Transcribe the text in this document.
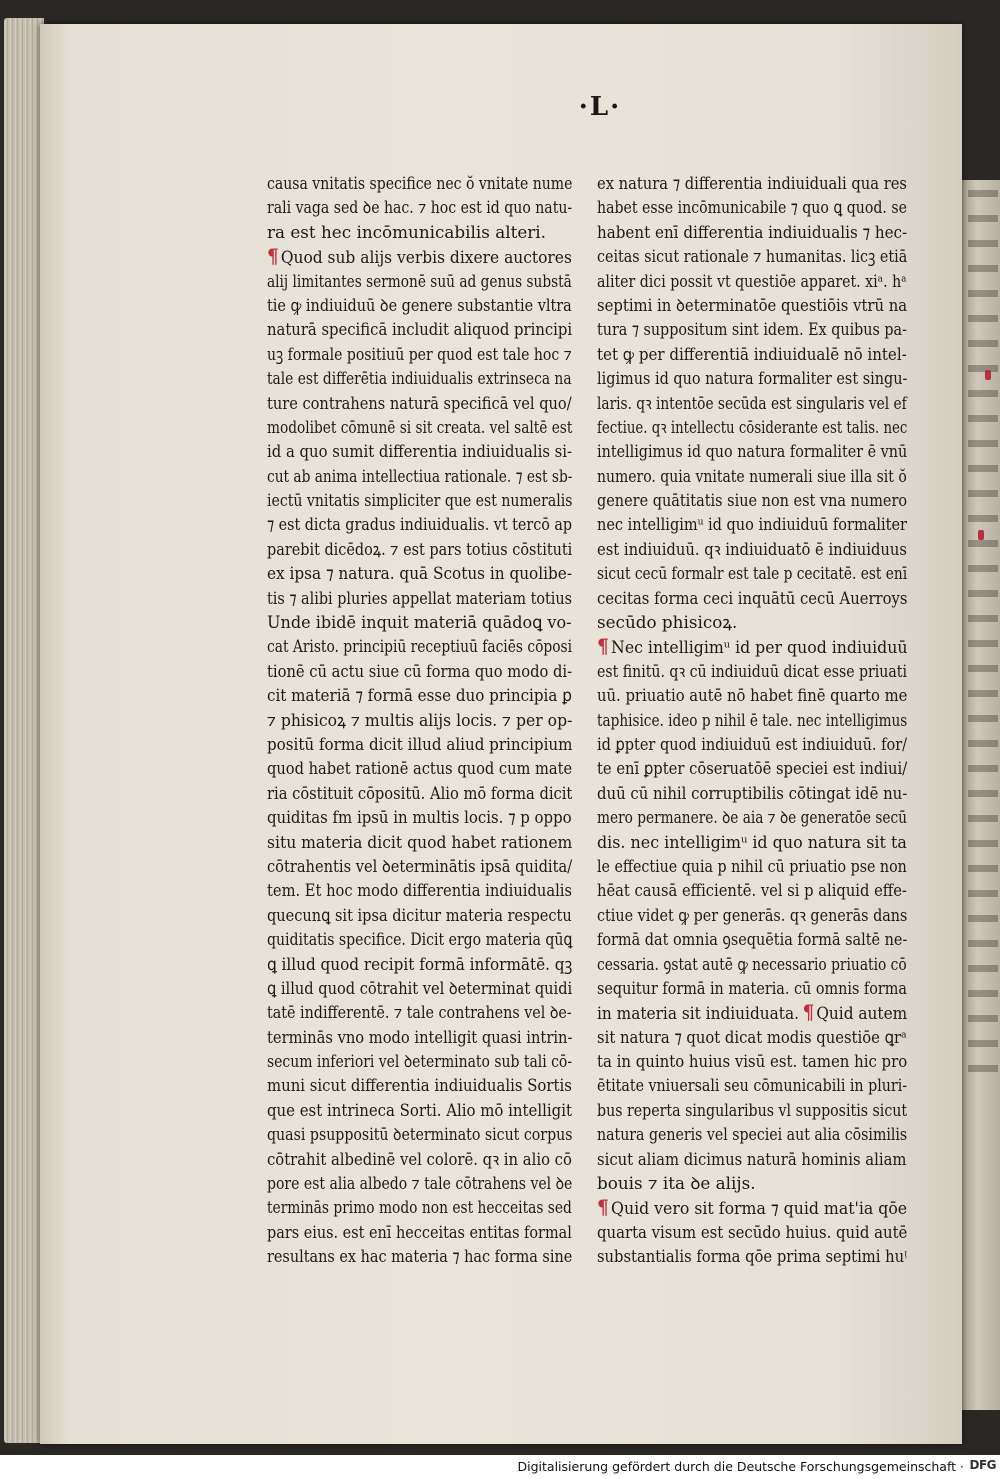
·L·
causa vnitatis specifice nec ŏ vnitate nume
rali vaga sed ꝺe hac. ⁊ hoc est id quo natu-
ra est hec incōmunicabilis alteri.
¶ Quod sub alijs verbis dixere auctores
alij limitantes sermonē suū ad genus substā
tie ꝙ indiuiduū ꝺe genere substantie vltra
naturā specificā includit aliquod principi
uꝫ formale positiuū per quod est tale hoc ⁊
tale est differētia indiuidualis extrinseca na
ture contrahens naturā specificā vel quo/
modolibet cōmunē si sit creata. vel saltē est
id a quo sumit differentia indiuidualis si-
cut ab anima intellectiua rationale. ⁊ est sb-
iectū vnitatis simpliciter que est numeralis
⁊ est dicta gradus indiuidualis. vt tercō ap
parebit dicēdoꝝ. ⁊ est pars totius cōstituti
ex ipsa ⁊ natura. quā Scotus in quolibe-
tis ⁊ alibi pluries appellat materiam totius
Unde ibidē inquit materiā quādoꝗ vo-
cat Aristo. principiū receptiuū faciēs cōposi
tionē cū actu siue cū forma quo modo di-
cit materiā ⁊ formā esse duo principia ꝑ
⁊ phisicoꝝ ⁊ multis alijs locis. ⁊ per op-
positū forma dicit illud aliud principium
quod habet rationē actus quod cum mate
ria cōstituit cōpositū. Alio mō forma dicit
quiditas fm ipsū in multis locis. ⁊ p oppo
situ materia dicit quod habet rationem
cōtrahentis vel ꝺeterminātis ipsā quidita/
tem. Et hoc modo differentia indiuidualis
quecunꝗ sit ipsa dicitur materia respectu
quiditatis specifice. Dicit ergo materia qūꝗ
ꝗ illud quod recipit formā informātē. qꝫ
ꝗ illud quod cōtrahit vel ꝺeterminat quidi
tatē indifferentē. ⁊ tale contrahens vel ꝺe-
terminās vno modo intelligit quasi intrin-
secum inferiori vel ꝺeterminato sub tali cō-
muni sicut differentia indiuidualis Sortis
que est intrineca Sorti. Alio mō intelligit
quasi psuppositū ꝺeterminato sicut corpus
cōtrahit albedinē vel colorē. qꝛ in alio cō
pore est alia albedo ⁊ tale cōtrahens vel ꝺe
terminās primo modo non est hecceitas sed
pars eius. est enī hecceitas entitas formal
resultans ex hac materia ⁊ hac forma sine
ex natura ⁊ differentia indiuiduali qua res
habet esse incōmunicabile ⁊ quo ꝗ quod. se
habent enī differentia indiuidualis ⁊ hec-
ceitas sicut rationale ⁊ humanitas. licꝫ etiā
aliter dici possit vt questiōe apparet. xiᵃ. hᵃ
septimi in ꝺeterminatōe questiōis vtrū na
tura ⁊ suppositum sint idem. Ex quibus pa-
tet ꝙ per differentiā indiuidualē nō intel-
ligimus id quo natura formaliter est singu-
laris. qꝛ intentōe secūda est singularis vel ef
fectiue. qꝛ intellectu cōsiderante est talis. nec
intelligimus id quo natura formaliter ē vnū
numero. quia vnitate numerali siue illa sit ŏ
genere quātitatis siue non est vna numero
nec intelligimᵘ id quo indiuiduū formaliter
est indiuiduū. qꝛ indiuiduatō ē indiuiduus
sicut cecū formalr est tale p cecitatē. est enī
cecitas forma ceci inquātū cecū Auerroys
secūdo phisicoꝝ.
¶ Nec intelligimᵘ id per quod indiuiduū
est finitū. qꝛ cū indiuiduū dicat esse priuati
uū. priuatio autē nō habet finē quarto me
taphisice. ideo p nihil ē tale. nec intelligimus
id ꝑpter quod indiuiduū est indiuiduū. for/
te enī ꝑpter cōseruatōē speciei est indiui/
duū cū nihil corruptibilis cōtingat idē nu-
mero permanere. ꝺe aia ⁊ ꝺe generatōe secū
dis. nec intelligimᵘ id quo natura sit ta
le effectiue quia p nihil cū priuatio pse non
hēat causā efficientē. vel si p aliquid effe-
ctiue videt ꝙ per generās. qꝛ generās dans
formā dat omnia ꝯsequētia formā saltē ne-
cessaria. ꝯstat autē ꝙ necessario priuatio cō
sequitur formā in materia. cū omnis forma
in materia sit indiuiduata. ¶ Quid autem
sit natura ⁊ quot dicat modis questiōe ꝗrᵃ
ta in quinto huius visū est. tamen hic pro
ētitate vniuersali seu cōmunicabili in pluri-
bus reperta singularibus vl suppositis sicut
natura generis vel speciei aut alia cōsimilis
sicut aliam dicimus naturā hominis aliam
bouis ⁊ ita ꝺe alijs.
¶ Quid vero sit forma ⁊ quid mat'ia qōe
quarta visum est secūdo huius. quid autē
substantialis forma qōe prima septimi huᵎ
Digitalisierung gefördert durch die Deutsche Forschungsgemeinschaft · DFG
